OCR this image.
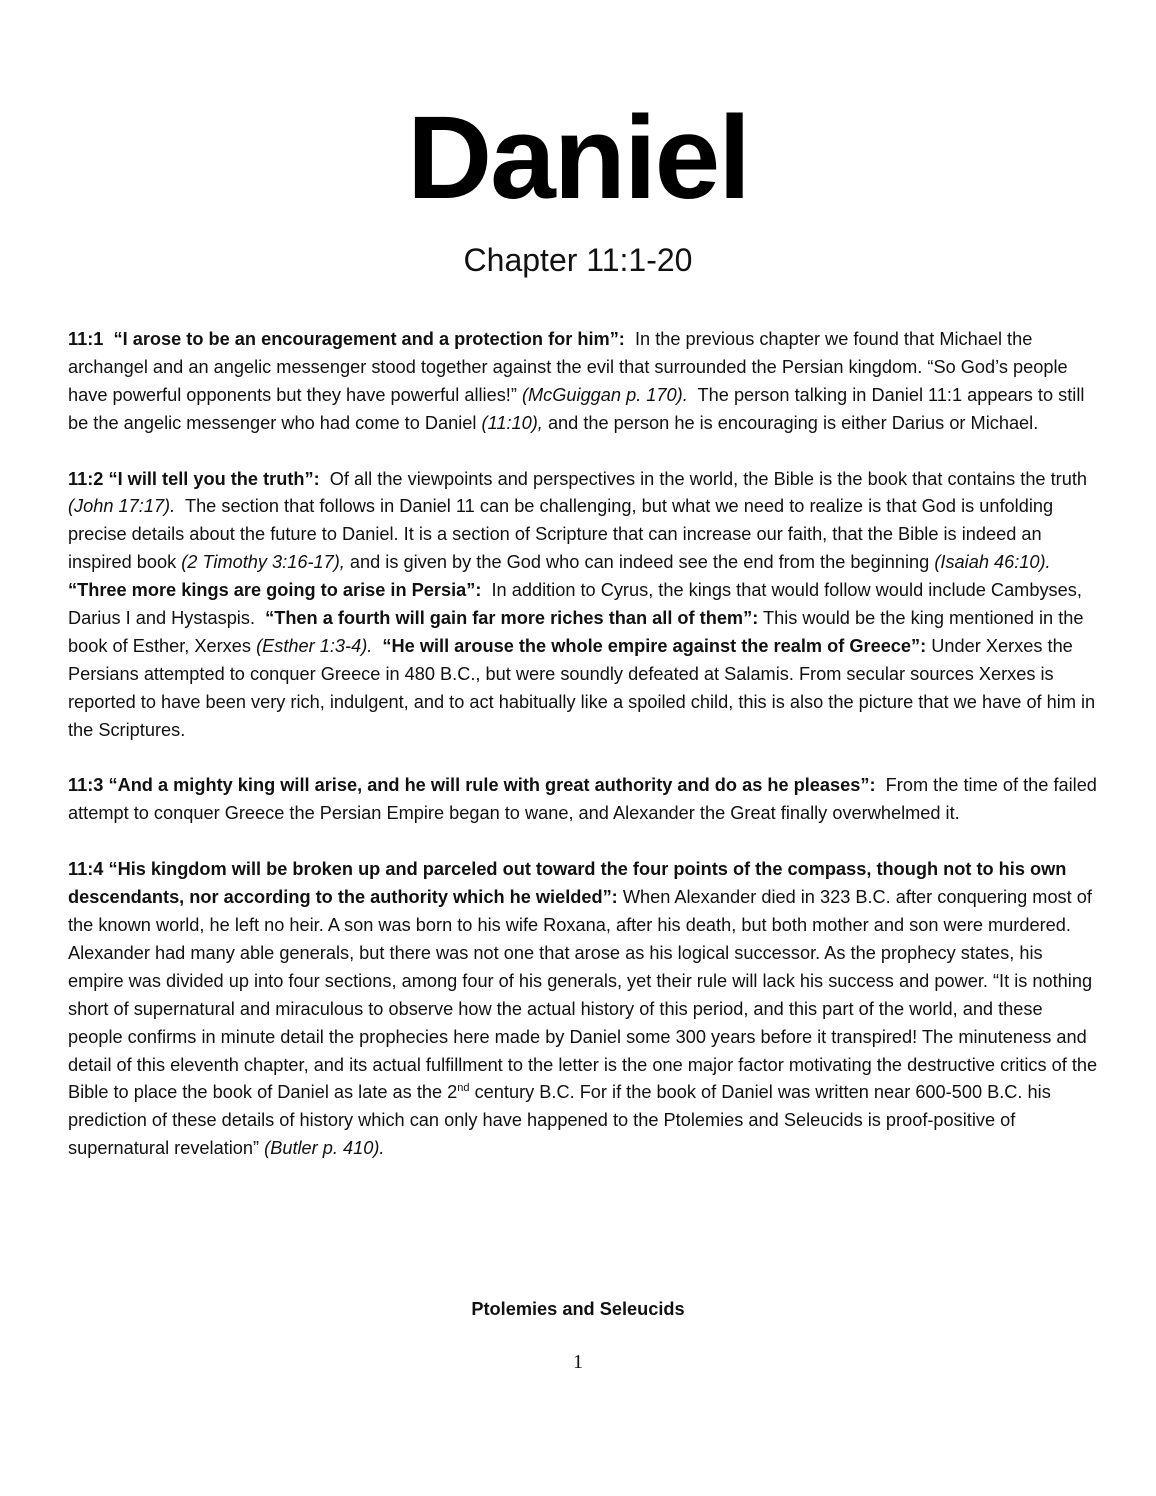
Daniel
Chapter 11:1-20

11:1 “I arose to be an encouragement and a protection for him”: In the previous chapter we found that Michael the archangel and an angelic messenger stood together against the evil that surrounded the Persian kingdom. “So God’s people have powerful opponents but they have powerful allies!” (McGuiggan p. 170). The person talking in Daniel 11:1 appears to still be the angelic messenger who had come to Daniel (11:10), and the person he is encouraging is either Darius or Michael.

11:2 “I will tell you the truth”: Of all the viewpoints and perspectives in the world, the Bible is the book that contains the truth (John 17:17). The section that follows in Daniel 11 can be challenging, but what we need to realize is that God is unfolding precise details about the future to Daniel. It is a section of Scripture that can increase our faith, that the Bible is indeed an inspired book (2 Timothy 3:16-17), and is given by the God who can indeed see the end from the beginning (Isaiah 46:10).  “Three more kings are going to arise in Persia”: In addition to Cyrus, the kings that would follow would include Cambyses, Darius I and Hystaspis. “Then a fourth will gain far more riches than all of them”: This would be the king mentioned in the book of Esther, Xerxes (Esther 1:3-4). “He will arouse the whole empire against the realm of Greece”: Under Xerxes the Persians attempted to conquer Greece in 480 B.C., but were soundly defeated at Salamis. From secular sources Xerxes is reported to have been very rich, indulgent, and to act habitually like a spoiled child, this is also the picture that we have of him in the Scriptures.

11:3 “And a mighty king will arise, and he will rule with great authority and do as he pleases”: From the time of the failed attempt to conquer Greece the Persian Empire began to wane, and Alexander the Great finally overwhelmed it.

11:4 “His kingdom will be broken up and parceled out toward the four points of the compass, though not to his own descendants, nor according to the authority which he wielded”: When Alexander died in 323 B.C. after conquering most of the known world, he left no heir. A son was born to his wife Roxana, after his death, but both mother and son were murdered. Alexander had many able generals, but there was not one that arose as his logical successor. As the prophecy states, his empire was divided up into four sections, among four of his generals, yet their rule will lack his success and power. “It is nothing short of supernatural and miraculous to observe how the actual history of this period, and this part of the world, and these people confirms in minute detail the prophecies here made by Daniel some 300 years before it transpired! The minuteness and detail of this eleventh chapter, and its actual fulfillment to the letter is the one major factor motivating the destructive critics of the Bible to place the book of Daniel as late as the 2nd century B.C. For if the book of Daniel was written near 600-500 B.C. his prediction of these details of history which can only have happened to the Ptolemies and Seleucids is proof-positive of supernatural revelation” (Butler p. 410).

Ptolemies and Seleucids
1
